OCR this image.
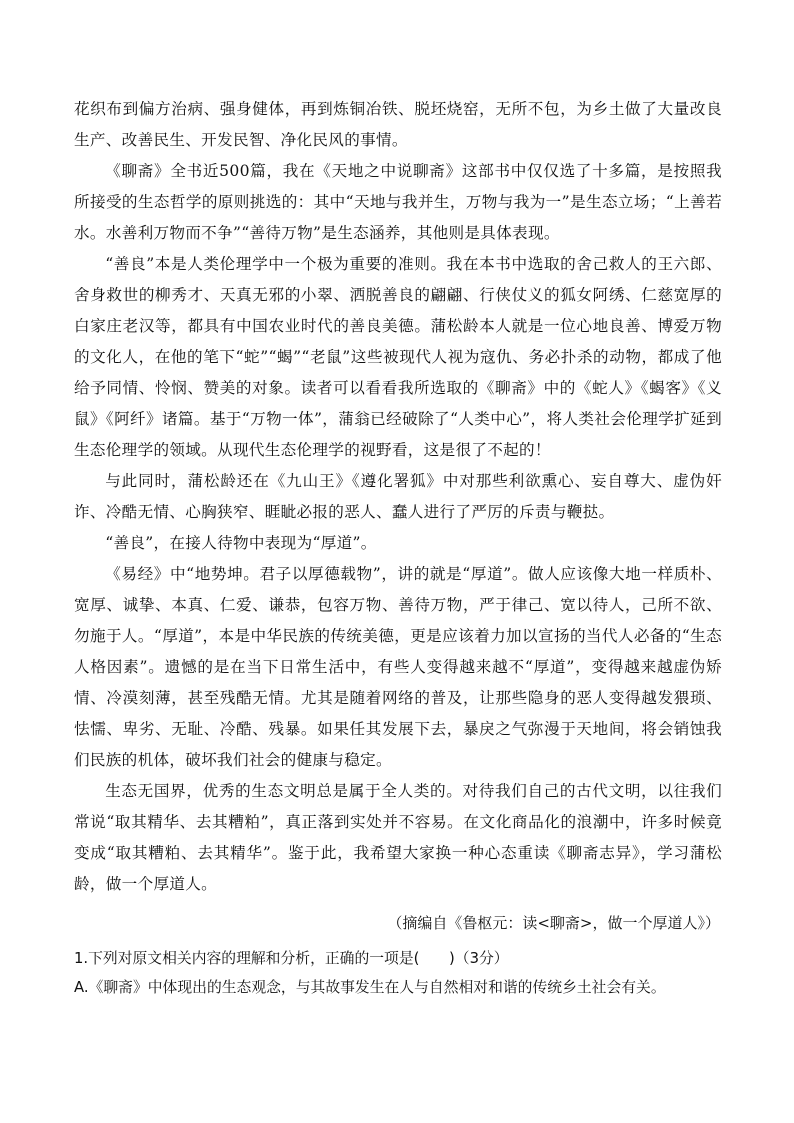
花织布到偏方治病、强身健体，再到炼铜冶铁、脱坯烧窑，无所不包，为乡土做了大量改良生产、改善民生、开发民智、净化民风的事情。

《聊斋》全书近500篇，我在《天地之中说聊斋》这部书中仅仅选了十多篇，是按照我所接受的生态哲学的原则挑选的：其中“天地与我并生，万物与我为一”是生态立场；“上善若水。水善利万物而不争”“善待万物”是生态涵养，其他则是具体表现。

“善良”本是人类伦理学中一个极为重要的准则。我在本书中选取的舍己救人的王六郎、舍身救世的柳秀才、天真无邪的小翠、洒脱善良的翩翩、行侠仗义的狐女阿绣、仁慈宽厚的白家庄老汉等，都具有中国农业时代的善良美德。蒲松龄本人就是一位心地良善、博爱万物的文化人，在他的笔下“蛇”“蝎”“老鼠”这些被现代人视为寇仇、务必扑杀的动物，都成了他给予同情、怜悯、赞美的对象。读者可以看看我所选取的《聊斋》中的《蛇人》《蝎客》《义鼠》《阿纤》诸篇。基于“万物一体”，蒲翁已经破除了“人类中心”，将人类社会伦理学扩延到生态伦理学的领域。从现代生态伦理学的视野看，这是很了不起的！

与此同时，蒲松龄还在《九山王》《遵化署狐》中对那些利欲熏心、妄自尊大、虚伪奸诈、冷酷无情、心胸狭窄、睚眦必报的恶人、蠢人进行了严厉的斥责与鞭挞。

“善良”，在接人待物中表现为“厚道”。

《易经》中“地势坤。君子以厚德载物”，讲的就是“厚道”。做人应该像大地一样质朴、宽厚、诚挚、本真、仁爱、谦恭，包容万物、善待万物，严于律己、宽以待人，己所不欲、勿施于人。“厚道”，本是中华民族的传统美德，更是应该着力加以宣扬的当代人必备的“生态人格因素”。遗憾的是在当下日常生活中，有些人变得越来越不“厚道”，变得越来越虚伪矫情、冷漠刻薄，甚至残酷无情。尤其是随着网络的普及，让那些隐身的恶人变得越发猥琐、怯懦、卑劣、无耻、冷酷、残暴。如果任其发展下去，暴戾之气弥漫于天地间，将会销蚀我们民族的机体，破坏我们社会的健康与稳定。

生态无国界，优秀的生态文明总是属于全人类的。对待我们自己的古代文明，以往我们常说“取其精华、去其糟粕”，真正落到实处并不容易。在文化商品化的浪潮中，许多时候竟变成“取其糟粕、去其精华”。鉴于此，我希望大家换一种心态重读《聊斋志异》，学习蒲松龄，做一个厚道人。

（摘编自《鲁枢元：读<聊斋>，做一个厚道人》）
1.下列对原文相关内容的理解和分析，正确的一项是(　　)（3分）
A.《聊斋》中体现出的生态观念，与其故事发生在人与自然相对和谐的传统乡土社会有关。
